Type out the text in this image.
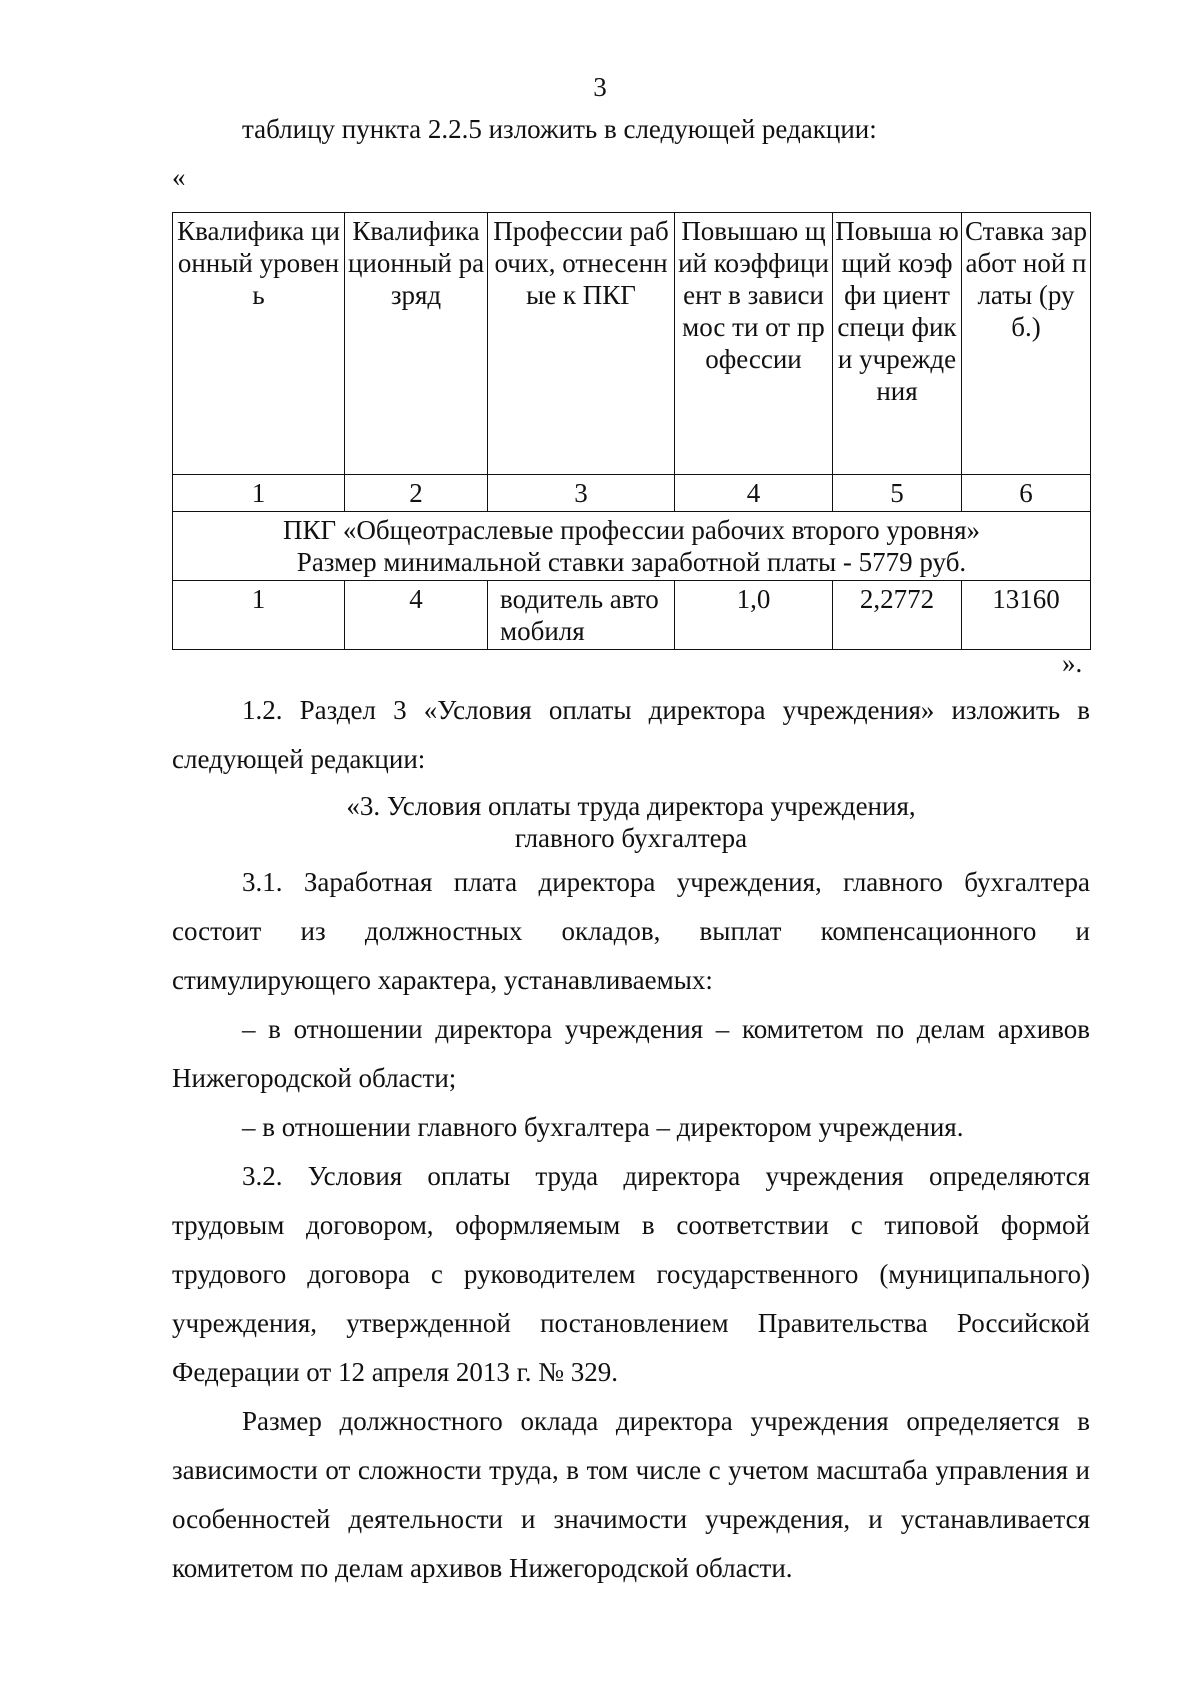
3
таблицу пункта 2.2.5 изложить в следующей редакции:
«
Квалифика ционный уровень	Квалифика ционный разряд	Профессии рабочих, отнесенные к ПКГ	Повышаю щий коэффици ент в зависимос ти от профессии	Повыша ющий коэффи циент специ фики учрежде ния	Ставка заработ ной платы (руб.)
1	2	3	4	5	6

ПКГ «Общеотраслевые профессии рабочих второго уровня»
Размер минимальной ставки заработной платы - 5779 руб.					

1	4	водитель автомобиля	1,0	2,2772	13160
».

1.2. Раздел 3 «Условия оплаты директора учреждения» изложить в следующей редакции:

«3. Условия оплаты труда директора учреждения,
главного бухгалтера

3.1. Заработная плата директора учреждения, главного бухгалтера состоит из должностных окладов, выплат компенсационного и стимулирующего характера, устанавливаемых:

– в отношении директора учреждения – комитетом по делам архивов Нижегородской области;

– в отношении главного бухгалтера – директором учреждения.

3.2. Условия оплаты труда директора учреждения определяются трудовым договором, оформляемым в соответствии с типовой формой трудового договора с руководителем государственного (муниципального) учреждения, утвержденной постановлением Правительства Российской Федерации от 12 апреля 2013 г. № 329.

Размер должностного оклада директора учреждения определяется в зависимости от сложности труда, в том числе с учетом масштаба управления и особенностей деятельности и значимости учреждения, и устанавливается комитетом по делам архивов Нижегородской области.
